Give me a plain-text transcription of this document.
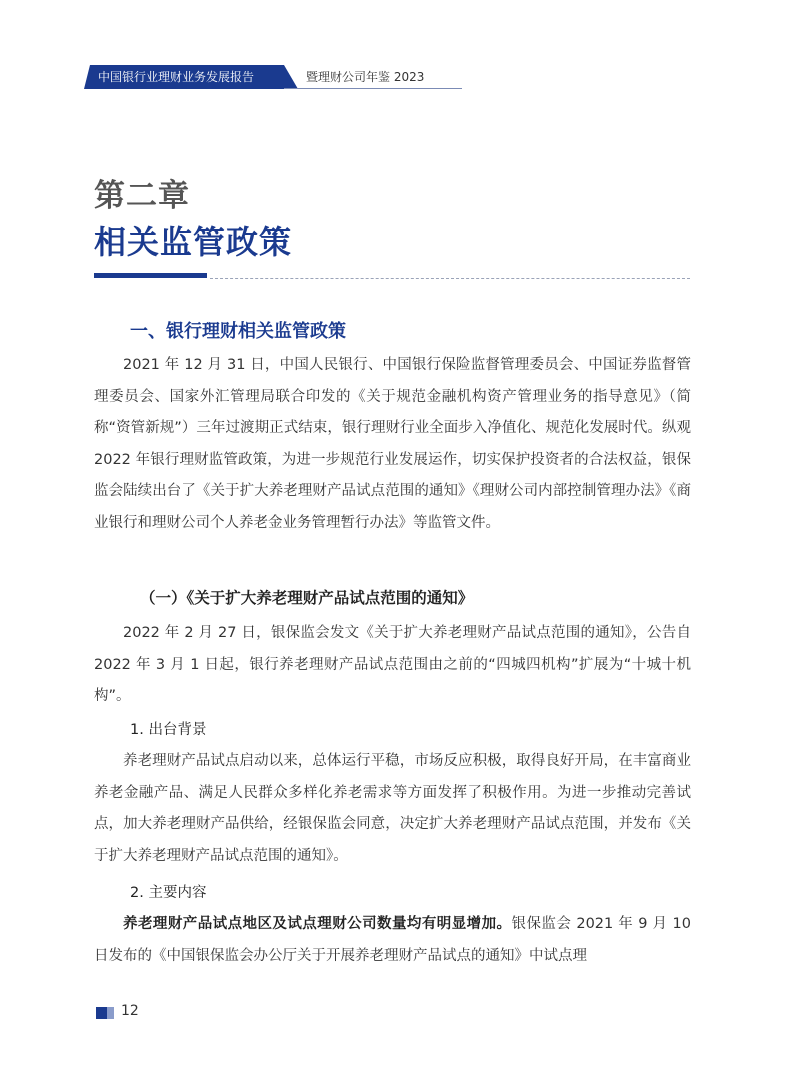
中国银行业理财业务发展报告	暨理财公司年鉴 2023
第二章
相关监管政策
一、银行理财相关监管政策

2021 年 12 月 31 日，中国人民银行、中国银行保险监督管理委员会、中国证券监督管理委员会、国家外汇管理局联合印发的《关于规范金融机构资产管理业务的指导意见》（简称“资管新规”）三年过渡期正式结束，银行理财行业全面步入净值化、规范化发展时代。纵观 2022 年银行理财监管政策，为进一步规范行业发展运作，切实保护投资者的合法权益，银保监会陆续出台了《关于扩大养老理财产品试点范围的通知》《理财公司内部控制管理办法》《商业银行和理财公司个人养老金业务管理暂行办法》等监管文件。

（一）《关于扩大养老理财产品试点范围的通知》

2022 年 2 月 27 日，银保监会发文《关于扩大养老理财产品试点范围的通知》，公告自 2022 年 3 月 1 日起，银行养老理财产品试点范围由之前的“四城四机构”扩展为“十城十机构”。

1. 出台背景

养老理财产品试点启动以来，总体运行平稳，市场反应积极，取得良好开局，在丰富商业养老金融产品、满足人民群众多样化养老需求等方面发挥了积极作用。为进一步推动完善试点，加大养老理财产品供给，经银保监会同意，决定扩大养老理财产品试点范围，并发布《关于扩大养老理财产品试点范围的通知》。

2. 主要内容

养老理财产品试点地区及试点理财公司数量均有明显增加。银保监会 2021 年 9 月 10 日发布的《中国银保监会办公厅关于开展养老理财产品试点的通知》中试点理

12
